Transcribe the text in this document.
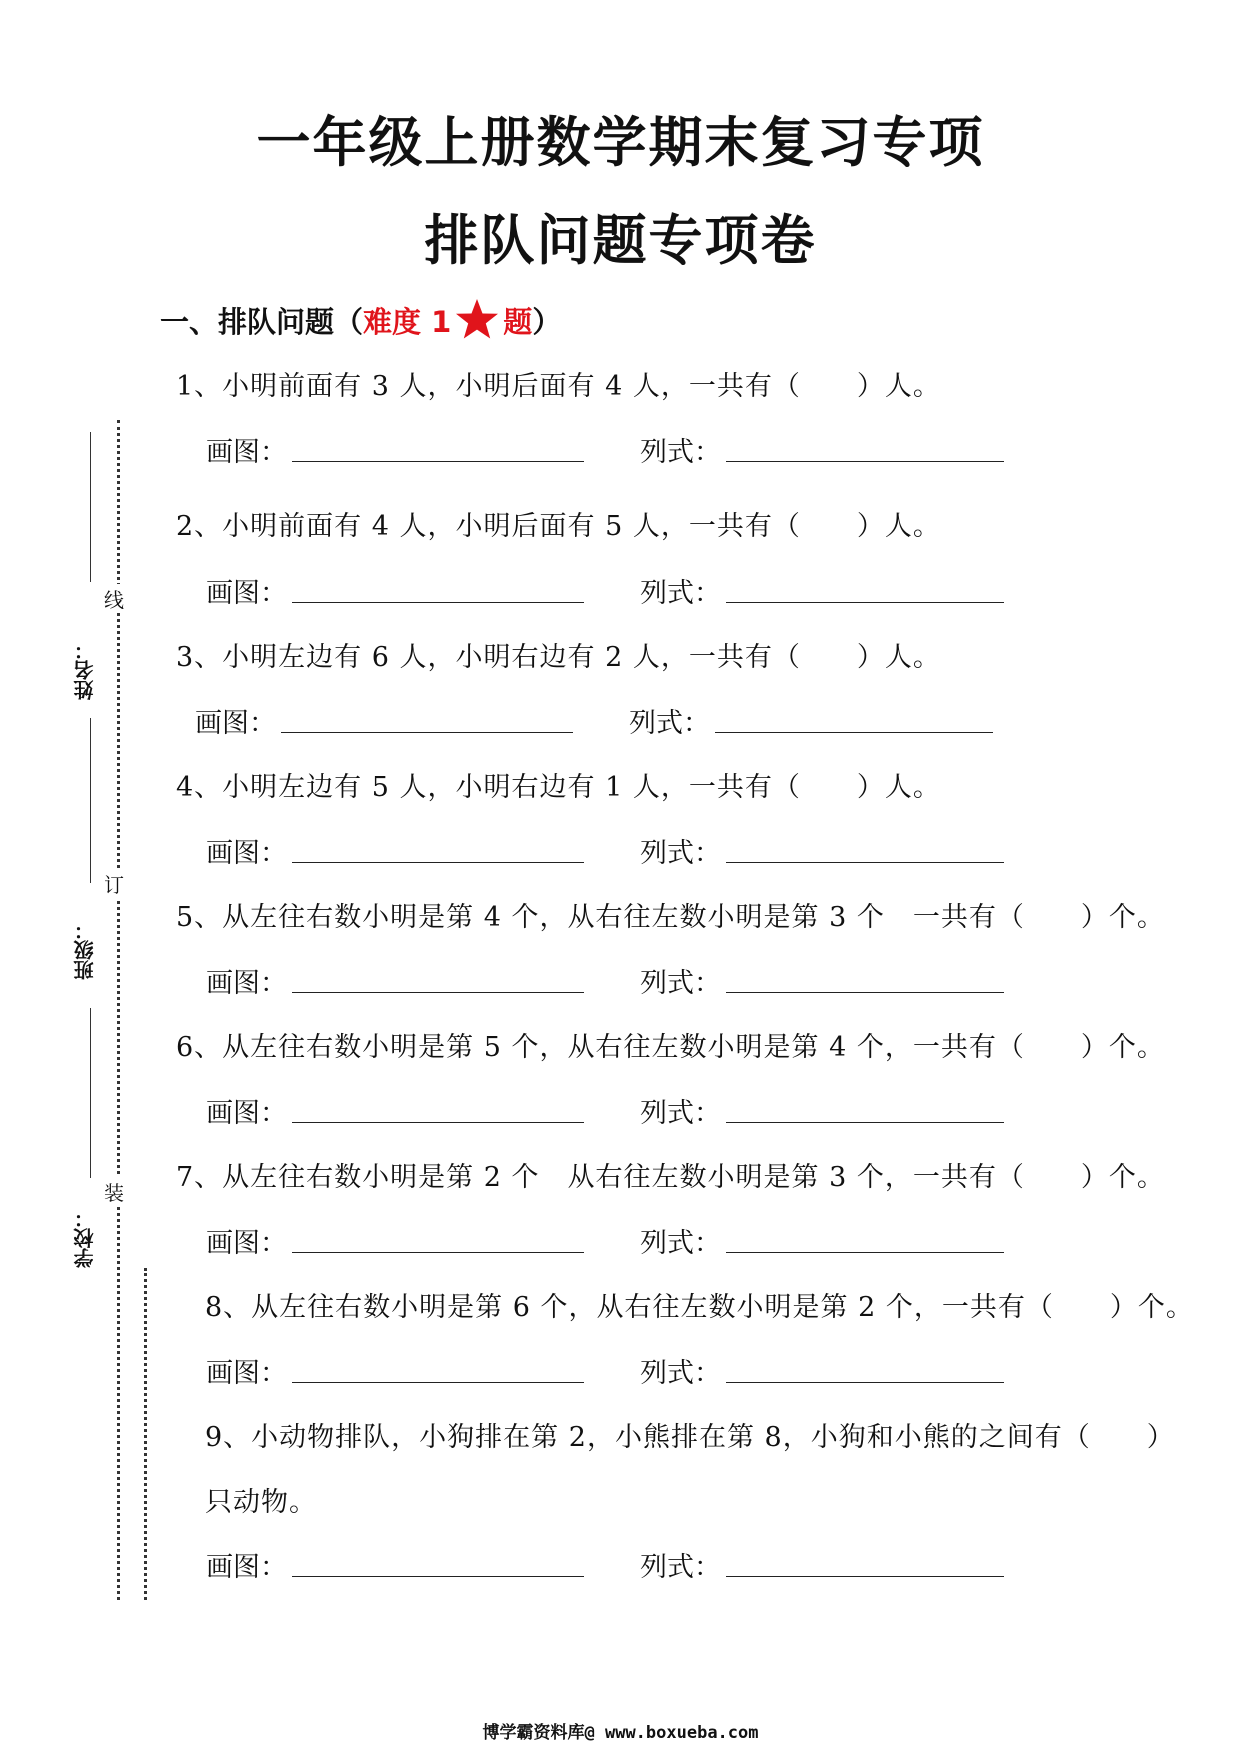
一年级上册数学期末复习专项
排队问题专项卷
一、排队问题（难度 1 题）
1、小明前面有 3 人，小明后面有 4 人，一共有（　　）人。
画图：	列式：
2、小明前面有 4 人，小明后面有 5 人，一共有（　　）人。
画图：	列式：
3、小明左边有 6 人，小明右边有 2 人，一共有（　　）人。
画图：	列式：
4、小明左边有 5 人，小明右边有 1 人，一共有（　　）人。
画图：	列式：
5、从左往右数小明是第 4 个，从右往左数小明是第 3 个　一共有（　　）个。
画图：	列式：
6、从左往右数小明是第 5 个，从右往左数小明是第 4 个，一共有（　　）个。
画图：	列式：
7、从左往右数小明是第 2 个　从右往左数小明是第 3 个，一共有（　　）个。
画图：	列式：
8、从左往右数小明是第 6 个，从右往左数小明是第 2 个，一共有（　　）个。
画图：	列式：
9、小动物排队，小狗排在第 2，小熊排在第 8，小狗和小熊的之间有（　　）
只动物。
画图：	列式：
姓名：
班级：
学校：
线
订
装
博学霸资料库@ www.boxueba.com
